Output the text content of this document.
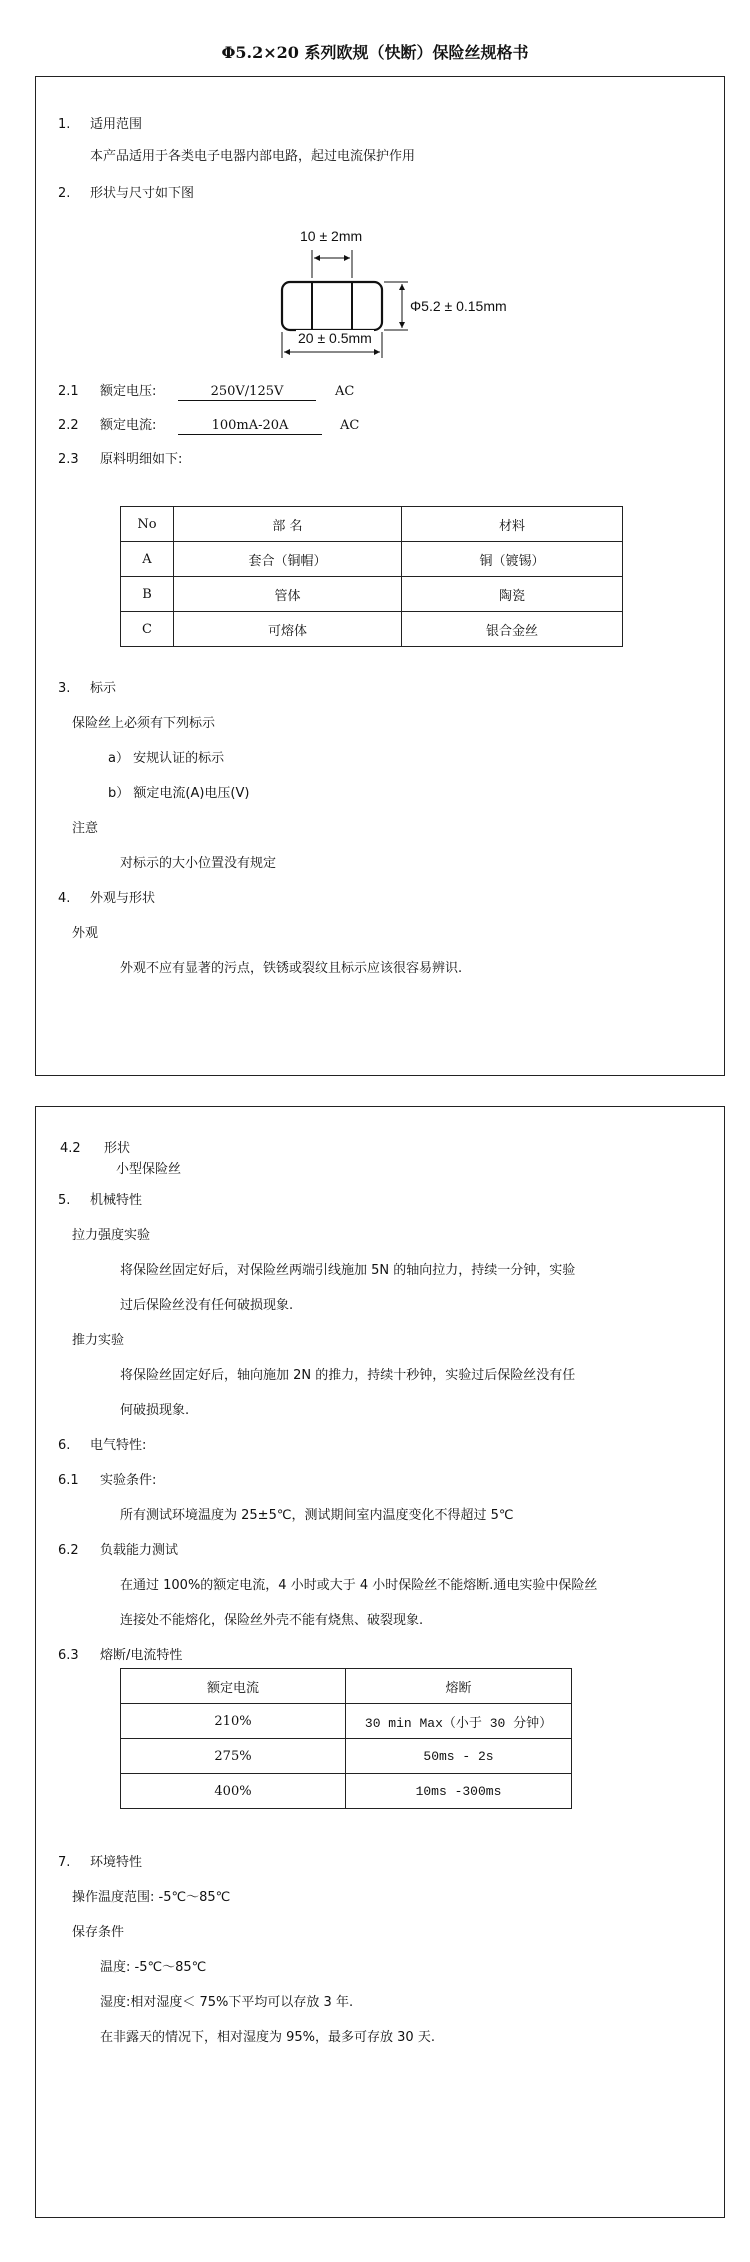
Φ5.2×20 系列欧规（快断）保险丝规格书
1. 适用范围
本产品适用于各类电子电器内部电路，起过电流保护作用
2. 形状与尺寸如下图
10 ± 2mm
Φ5.2 ± 0.15mm
20 ± 0.5mm
2.1 额定电压:	250V/125V	AC
2.2 额定电流:	100mA-20A	AC
2.3 原料明细如下:
No	部 名	材料
A	套合（铜帽）	铜（镀锡）
B	管体	陶瓷
C	可熔体	银合金丝
3. 标示
保险丝上必须有下列标示
a） 安规认证的标示
b） 额定电流(A)电压(V)
注意
对标示的大小位置没有规定
4. 外观与形状
外观
外观不应有显著的污点，铁锈或裂纹且标示应该很容易辨识.
4.2 形状
小型保险丝
5. 机械特性
拉力强度实验
将保险丝固定好后，对保险丝两端引线施加 5N 的轴向拉力，持续一分钟，实验
过后保险丝没有任何破损现象.
推力实验
将保险丝固定好后，轴向施加 2N 的推力，持续十秒钟，实验过后保险丝没有任
何破损现象.
6. 电气特性:
6.1 实验条件:
所有测试环境温度为 25±5℃，测试期间室内温度变化不得超过 5℃
6.2 负载能力测试
在通过 100%的额定电流，4 小时或大于 4 小时保险丝不能熔断.通电实验中保险丝
连接处不能熔化，保险丝外壳不能有烧焦、破裂现象.
6.3 熔断/电流特性
额定电流	熔断
210%	30 min Max（小于 30 分钟）
275%	50ms - 2s
400%	10ms -300ms
7. 环境特性
操作温度范围: -5℃～85℃
保存条件
温度: -5℃～85℃
湿度:相对湿度＜ 75%下平均可以存放 3 年.
在非露天的情况下，相对湿度为 95%，最多可存放 30 天.
